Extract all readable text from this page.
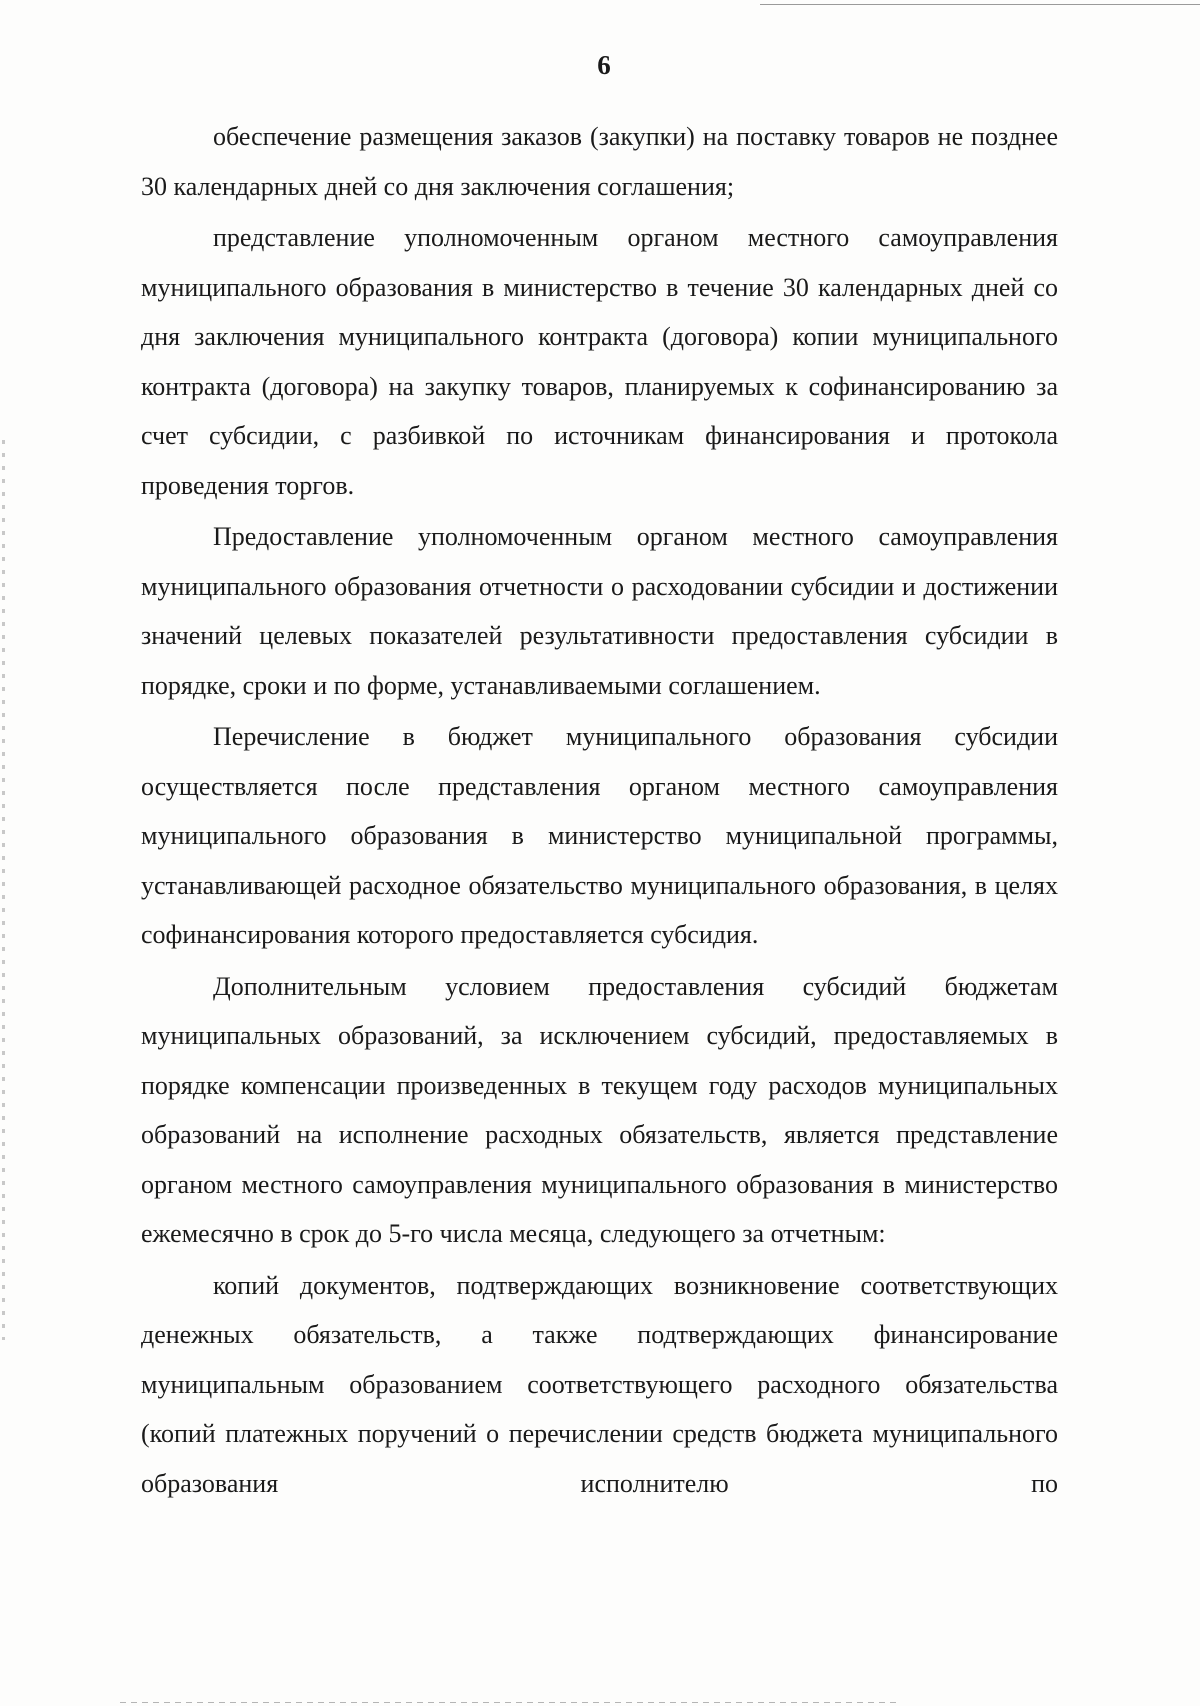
6

обеспечение размещения заказов (закупки) на поставку товаров не позднее 30 календарных дней со дня заключения соглашения;

представление уполномоченным органом местного самоуправления муниципального образования в министерство в течение 30 календарных дней со дня заключения муниципального контракта (договора) копии муниципального контракта (договора) на закупку товаров, планируемых к софинансированию за счет субсидии, с разбивкой по источникам финансирования и протокола проведения торгов.

Предоставление уполномоченным органом местного самоуправления муниципального образования отчетности о расходовании субсидии и достижении значений целевых показателей результативности предоставления субсидии в порядке, сроки и по форме, устанавливаемыми соглашением.

Перечисление в бюджет муниципального образования субсидии осуществляется после представления органом местного самоуправления муниципального образования в министерство муниципальной программы, устанавливающей расходное обязательство муниципального образования, в целях софинансирования которого предоставляется субсидия.

Дополнительным условием предоставления субсидий бюджетам муниципальных образований, за исключением субсидий, предоставляемых в порядке компенсации произведенных в текущем году расходов муниципальных образований на исполнение расходных обязательств, является представление органом местного самоуправления муниципального образования в министерство ежемесячно в срок до 5-го числа месяца, следующего за отчетным:

копий документов, подтверждающих возникновение соответствующих денежных обязательств, а также подтверждающих финансирование муниципальным образованием соответствующего расходного обязательства (копий платежных поручений о перечислении средств бюджета муниципального образования исполнителю по
